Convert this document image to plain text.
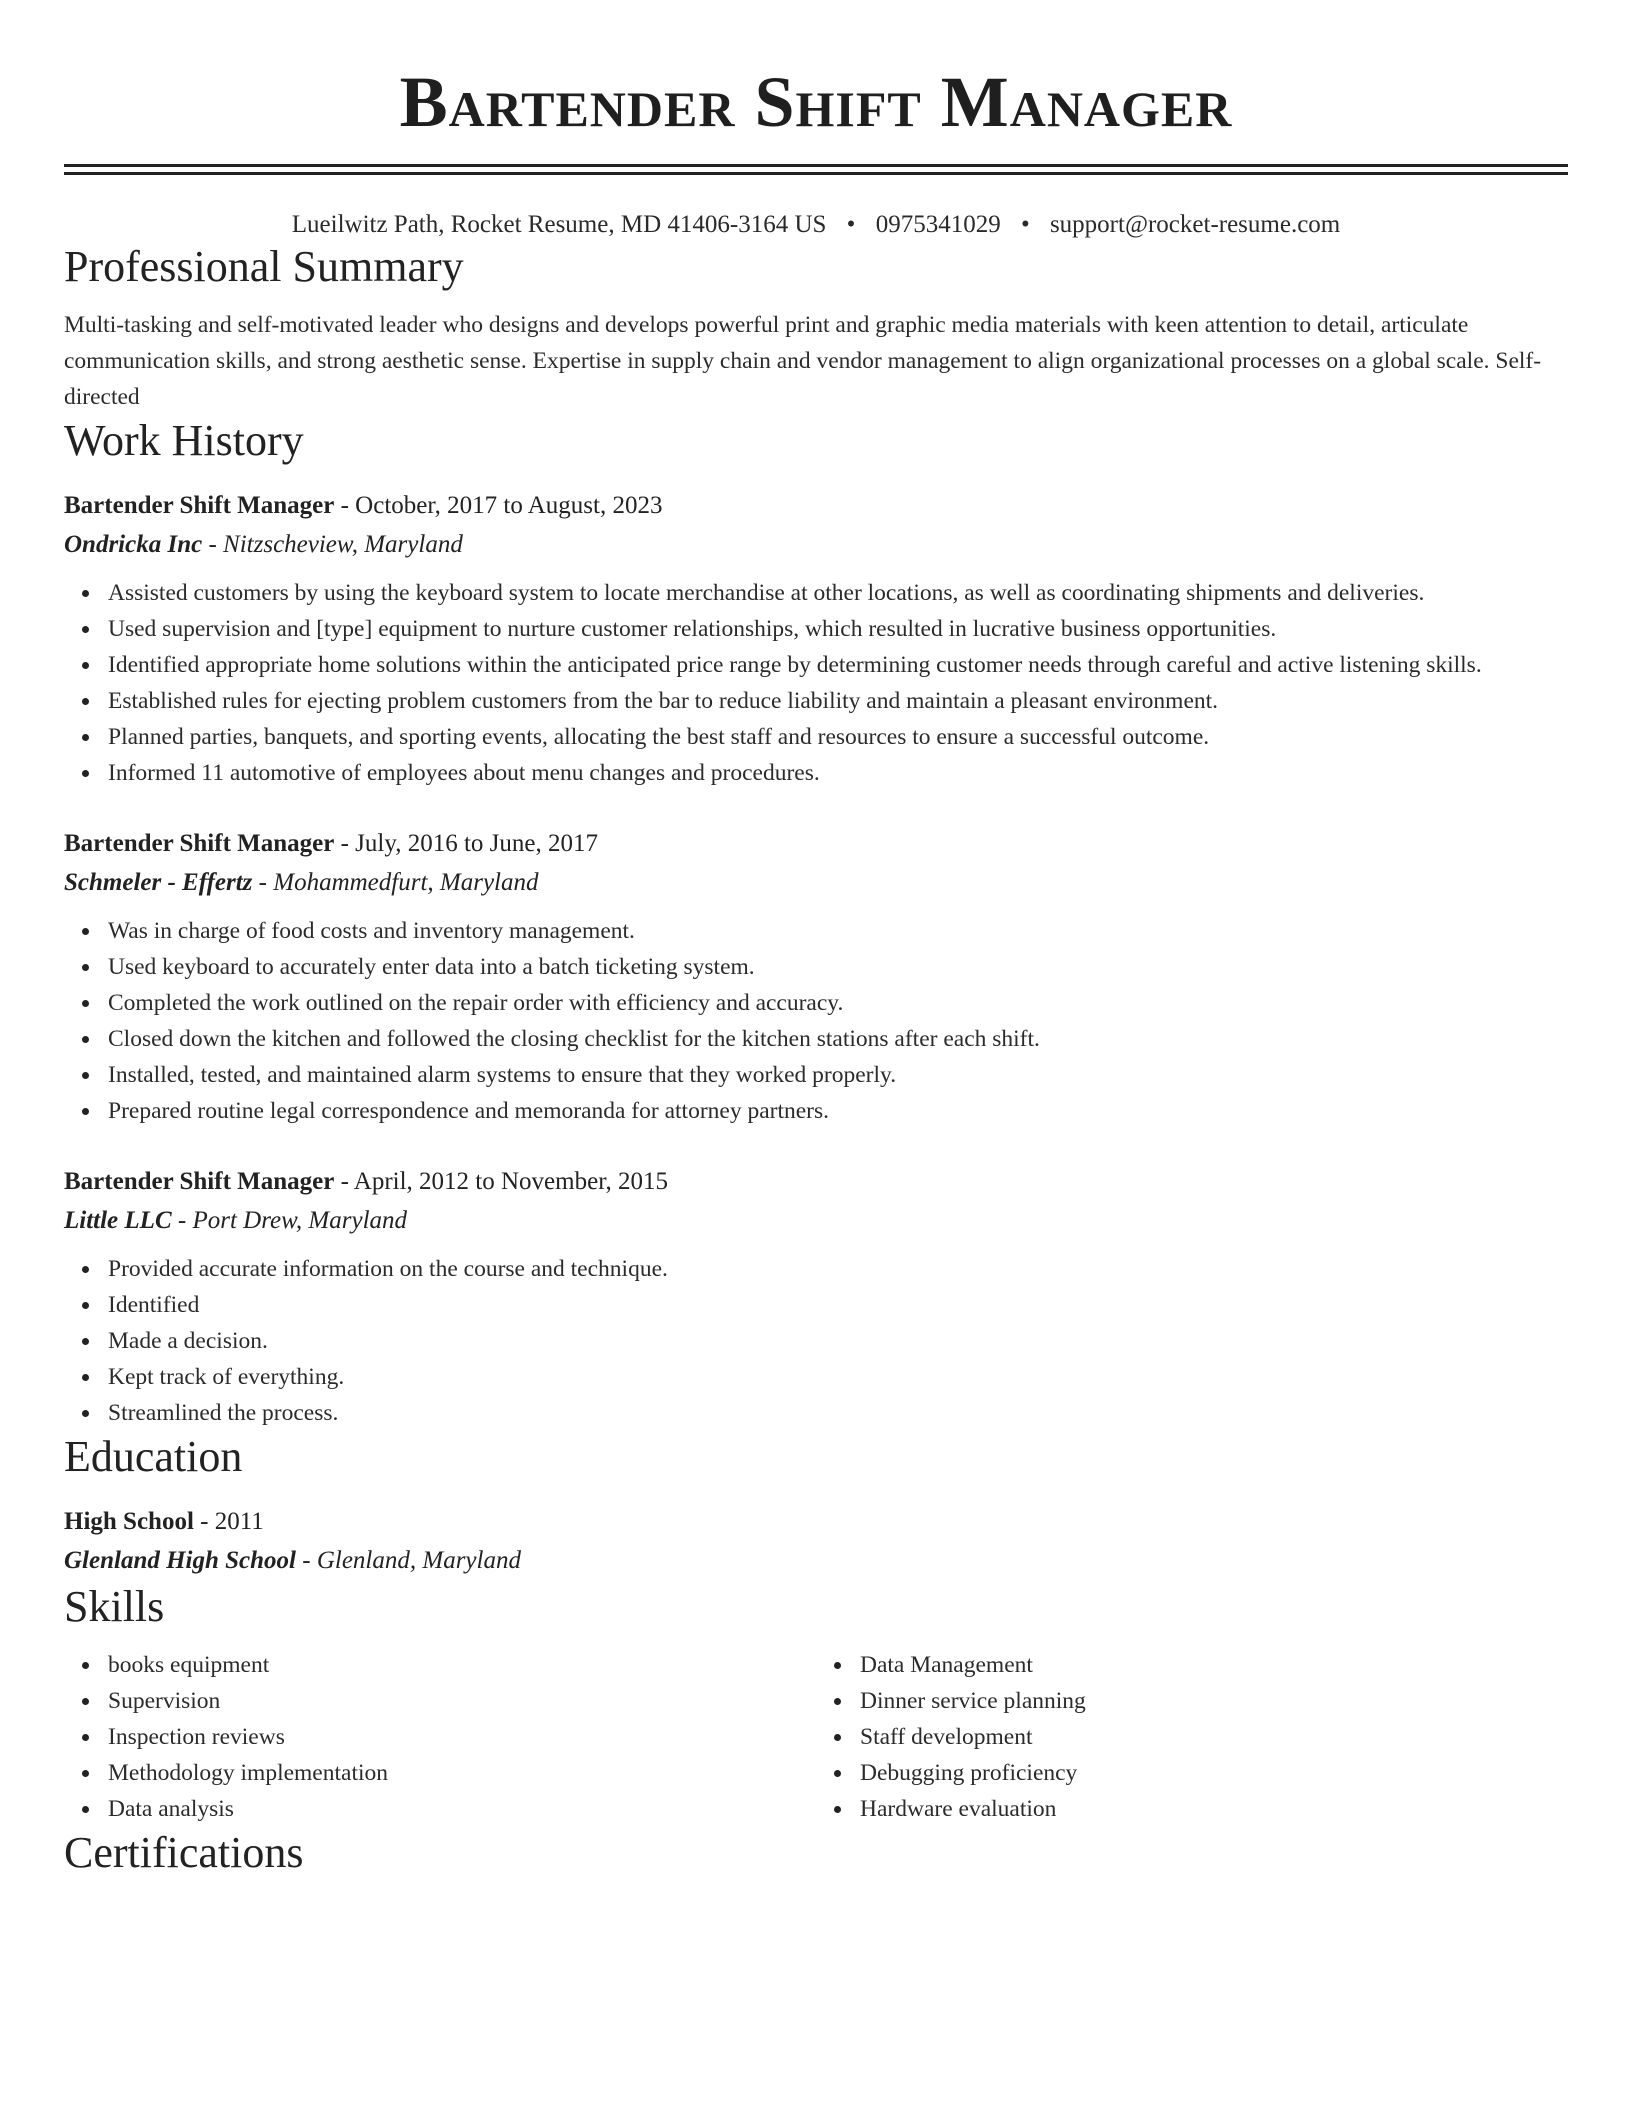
Bartender Shift Manager
Lueilwitz Path, Rocket Resume, MD 41406-3164 US • 0975341029 • support@rocket-resume.com
Professional Summary

Multi-tasking and self-motivated leader who designs and develops powerful print and graphic media materials with keen attention to detail, articulate communication skills, and strong aesthetic sense. Expertise in supply chain and vendor management to align organizational processes on a global scale. Self-directed

Work History
Bartender Shift Manager - October, 2017 to August, 2023
Ondricka Inc - Nitzscheview, Maryland
Assisted customers by using the keyboard system to locate merchandise at other locations, as well as coordinating shipments and deliveries.
Used supervision and [type] equipment to nurture customer relationships, which resulted in lucrative business opportunities.
Identified appropriate home solutions within the anticipated price range by determining customer needs through careful and active listening skills.
Established rules for ejecting problem customers from the bar to reduce liability and maintain a pleasant environment.
Planned parties, banquets, and sporting events, allocating the best staff and resources to ensure a successful outcome.
Informed 11 automotive of employees about menu changes and procedures.
Bartender Shift Manager - July, 2016 to June, 2017
Schmeler - Effertz - Mohammedfurt, Maryland
Was in charge of food costs and inventory management.
Used keyboard to accurately enter data into a batch ticketing system.
Completed the work outlined on the repair order with efficiency and accuracy.
Closed down the kitchen and followed the closing checklist for the kitchen stations after each shift.
Installed, tested, and maintained alarm systems to ensure that they worked properly.
Prepared routine legal correspondence and memoranda for attorney partners.
Bartender Shift Manager - April, 2012 to November, 2015
Little LLC - Port Drew, Maryland
Provided accurate information on the course and technique.
Identified
Made a decision.
Kept track of everything.
Streamlined the process.
Education
High School - 2011
Glenland High School - Glenland, Maryland
Skills
books equipment
Supervision
Inspection reviews
Methodology implementation
Data analysis
Data Management
Dinner service planning
Staff development
Debugging proficiency
Hardware evaluation
Certifications
